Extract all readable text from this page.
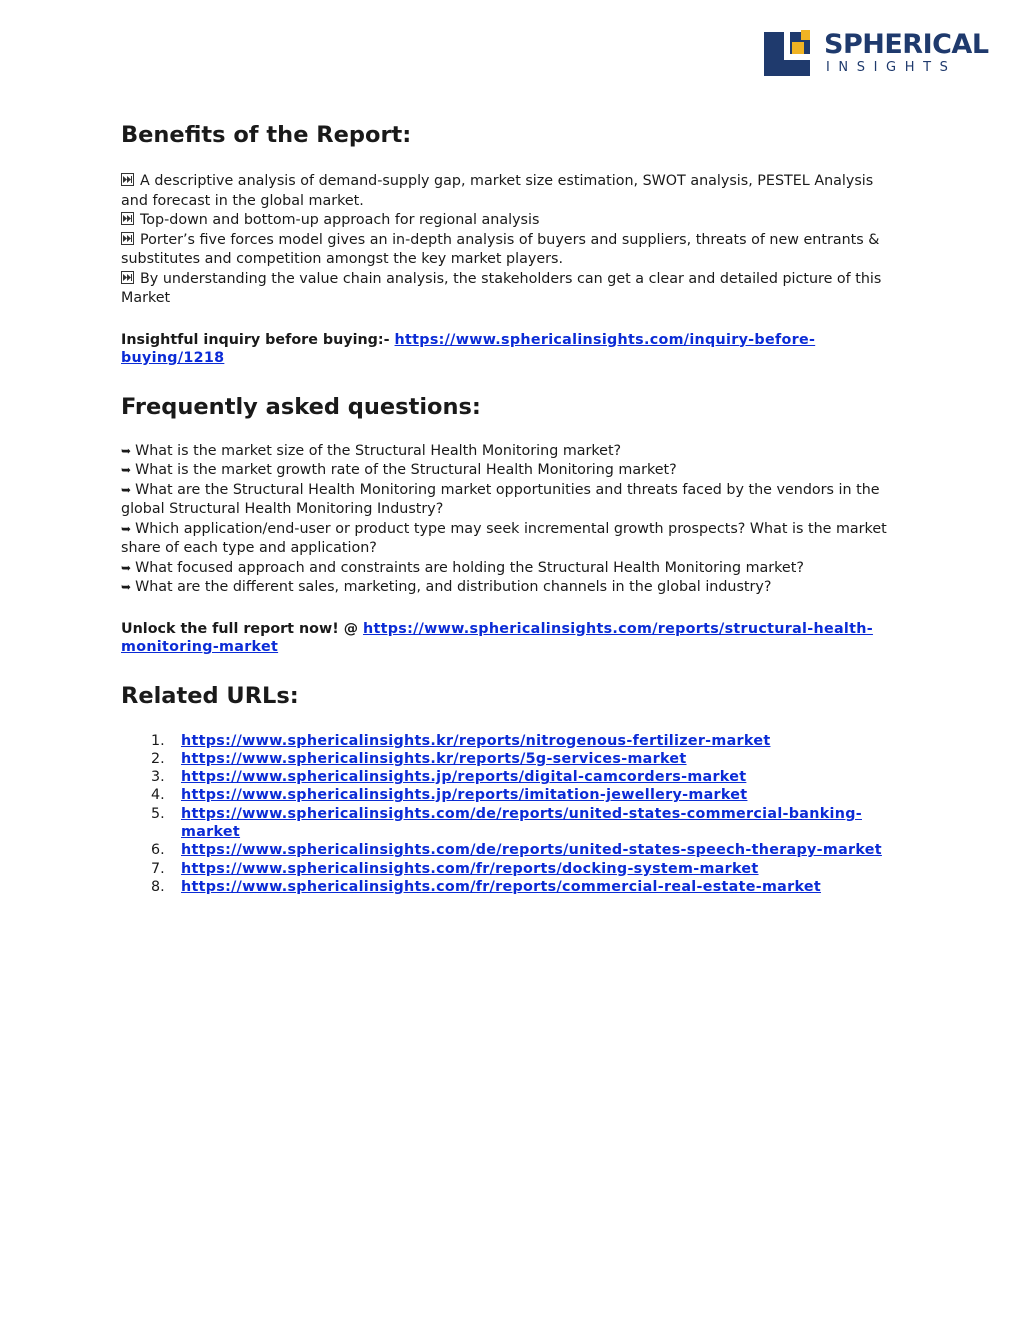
SPHERICAL
INSIGHTS
Benefits of the Report:

A descriptive analysis of demand-supply gap, market size estimation, SWOT analysis, PESTEL Analysis and forecast in the global market.

Top-down and bottom-up approach for regional analysis

Porter’s five forces model gives an in-depth analysis of buyers and suppliers, threats of new entrants & substitutes and competition amongst the key market players.

By understanding the value chain analysis, the stakeholders can get a clear and detailed picture of this Market

Insightful inquiry before buying:- https://www.sphericalinsights.com/inquiry-before-buying/1218

Frequently asked questions:

➥ What is the market size of the Structural Health Monitoring market?

➥ What is the market growth rate of the Structural Health Monitoring market?

➥ What are the Structural Health Monitoring market opportunities and threats faced by the vendors in the global Structural Health Monitoring Industry?

➥ Which application/end-user or product type may seek incremental growth prospects? What is the market share of each type and application?

➥ What focused approach and constraints are holding the Structural Health Monitoring market?

➥ What are the different sales, marketing, and distribution channels in the global industry?

Unlock the full report now! @ https://www.sphericalinsights.com/reports/structural-health-monitoring-market

Related URLs:
1. https://www.sphericalinsights.kr/reports/nitrogenous-fertilizer-market
2. https://www.sphericalinsights.kr/reports/5g-services-market
3. https://www.sphericalinsights.jp/reports/digital-camcorders-market
4. https://www.sphericalinsights.jp/reports/imitation-jewellery-market
5. https://www.sphericalinsights.com/de/reports/united-states-commercial-banking-market
6. https://www.sphericalinsights.com/de/reports/united-states-speech-therapy-market
7. https://www.sphericalinsights.com/fr/reports/docking-system-market
8. https://www.sphericalinsights.com/fr/reports/commercial-real-estate-market
